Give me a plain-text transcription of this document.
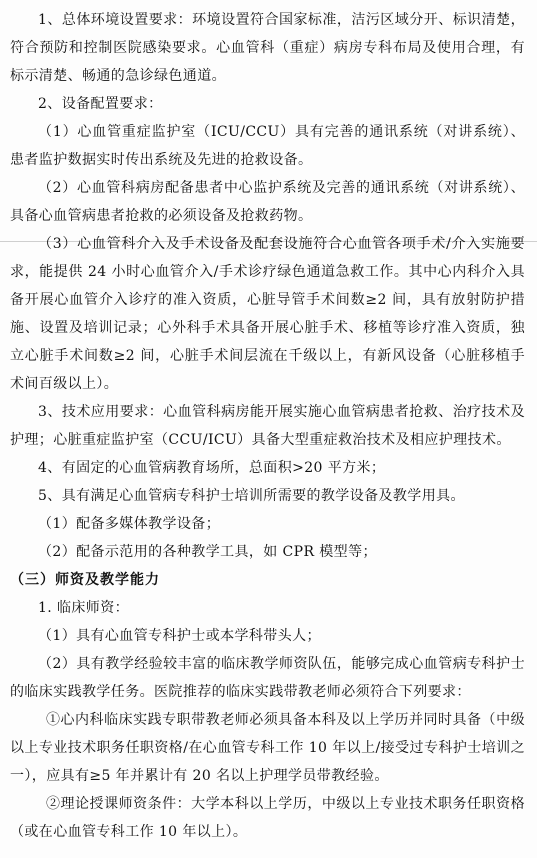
1、总体环境设置要求：环境设置符合国家标准，洁污区域分开、标识清楚，符合预防和控制医院感染要求。心血管科（重症）病房专科布局及使用合理，有标示清楚、畅通的急诊绿色通道。

2、设备配置要求：

（1）心血管重症监护室（ICU/CCU）具有完善的通讯系统（对讲系统）、患者监护数据实时传出系统及先进的抢救设备。

（2）心血管科病房配备患者中心监护系统及完善的通讯系统（对讲系统）、具备心血管病患者抢救的必须设备及抢救药物。

（3）心血管科介入及手术设备及配套设施符合心血管各项手术/介入实施要求，能提供 24 小时心血管介入/手术诊疗绿色通道急救工作。其中心内科介入具备开展心血管介入诊疗的准入资质，心脏导管手术间数≥2 间，具有放射防护措施、设置及培训记录；心外科手术具备开展心脏手术、移植等诊疗准入资质，独立心脏手术间数≥2 间，心脏手术间层流在千级以上，有新风设备（心脏移植手术间百级以上）。

3、技术应用要求：心血管科病房能开展实施心血管病患者抢救、治疗技术及护理；心脏重症监护室（CCU/ICU）具备大型重症救治技术及相应护理技术。

4、有固定的心血管病教育场所，总面积>20 平方米；

5、具有满足心血管病专科护士培训所需要的教学设备及教学用具。

（1）配备多媒体教学设备；

（2）配备示范用的各种教学工具，如 CPR 模型等；

（三）师资及教学能力

1. 临床师资：

（1）具有心血管专科护士或本学科带头人；

（2）具有教学经验较丰富的临床教学师资队伍，能够完成心血管病专科护士的临床实践教学任务。医院推荐的临床实践带教老师必须符合下列要求：

①心内科临床实践专职带教老师必须具备本科及以上学历并同时具备（中级以上专业技术职务任职资格/在心血管专科工作 10 年以上/接受过专科护士培训之一），应具有≥5 年并累计有 20 名以上护理学员带教经验。

②理论授课师资条件：大学本科以上学历，中级以上专业技术职务任职资格（或在心血管专科工作 10 年以上）。
